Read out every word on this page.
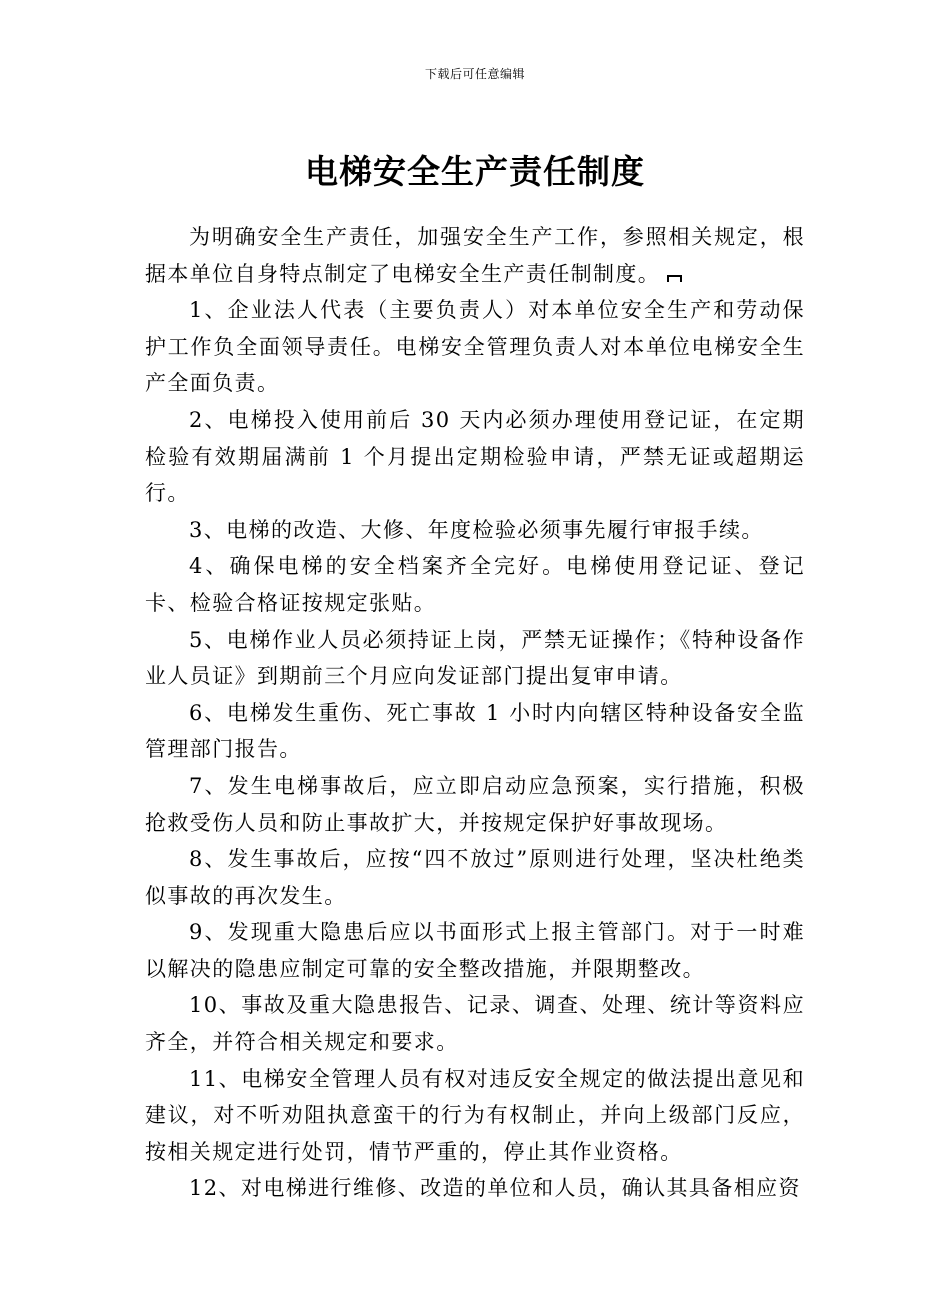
下载后可任意编辑
电梯安全生产责任制度

为明确安全生产责任，加强安全生产工作，参照相关规定，根据本单位自身特点制定了电梯安全生产责任制制度。

1、企业法人代表（主要负责人）对本单位安全生产和劳动保护工作负全面领导责任。电梯安全管理负责人对本单位电梯安全生产全面负责。

2、电梯投入使用前后 30 天内必须办理使用登记证，在定期检验有效期届满前 1 个月提出定期检验申请，严禁无证或超期运行。

3、电梯的改造、大修、年度检验必须事先履行审报手续。

4、确保电梯的安全档案齐全完好。电梯使用登记证、登记卡、检验合格证按规定张贴。

5、电梯作业人员必须持证上岗，严禁无证操作；《特种设备作业人员证》到期前三个月应向发证部门提出复审申请。

6、电梯发生重伤、死亡事故 1 小时内向辖区特种设备安全监管理部门报告。

7、发生电梯事故后，应立即启动应急预案，实行措施，积极抢救受伤人员和防止事故扩大，并按规定保护好事故现场。

8、发生事故后，应按“四不放过”原则进行处理，坚决杜绝类似事故的再次发生。

9、发现重大隐患后应以书面形式上报主管部门。对于一时难以解决的隐患应制定可靠的安全整改措施，并限期整改。

10、事故及重大隐患报告、记录、调查、处理、统计等资料应齐全，并符合相关规定和要求。

11、电梯安全管理人员有权对违反安全规定的做法提出意见和建议，对不听劝阻执意蛮干的行为有权制止，并向上级部门反应，按相关规定进行处罚，情节严重的，停止其作业资格。

12、对电梯进行维修、改造的单位和人员，确认其具备相应资
